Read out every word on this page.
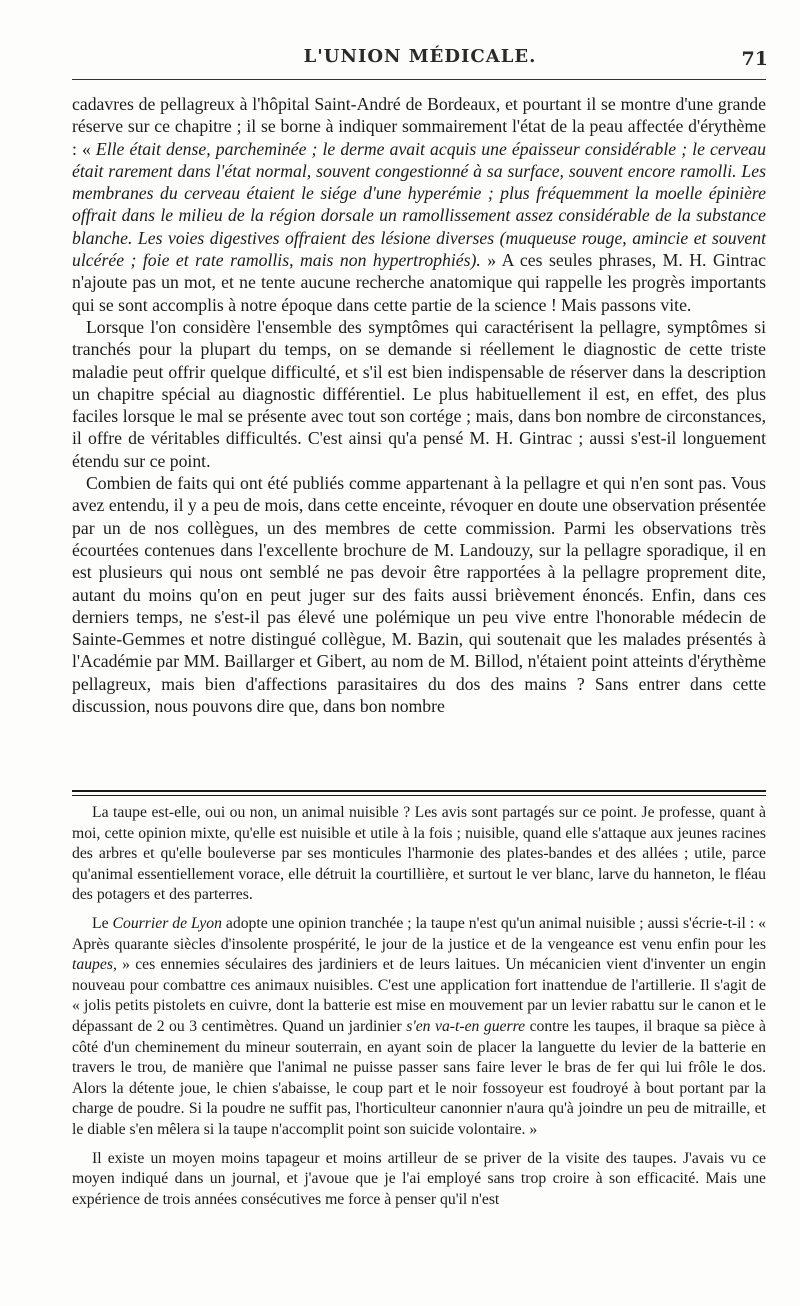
L'UNION MÉDICALE.	71

cadavres de pellagreux à l'hôpital Saint-André de Bordeaux, et pourtant il se montre d'une grande réserve sur ce chapitre ; il se borne à indiquer sommairement l'état de la peau affectée d'érythème : « Elle était dense, parcheminée ; le derme avait acquis une épaisseur considérable ; le cerveau était rarement dans l'état normal, souvent congestionné à sa surface, souvent encore ramolli. Les membranes du cerveau étaient le siége d'une hyperémie ; plus fréquemment la moelle épinière offrait dans le milieu de la région dorsale un ramollissement assez considérable de la substance blanche. Les voies digestives offraient des lésione diverses (muqueuse rouge, amincie et souvent ulcérée ; foie et rate ramollis, mais non hypertrophiés). » A ces seules phrases, M. H. Gintrac n'ajoute pas un mot, et ne tente aucune recherche anatomique qui rappelle les progrès importants qui se sont accomplis à notre époque dans cette partie de la science ! Mais passons vite.

Lorsque l'on considère l'ensemble des symptômes qui caractérisent la pellagre, symptômes si tranchés pour la plupart du temps, on se demande si réellement le diagnostic de cette triste maladie peut offrir quelque difficulté, et s'il est bien indispensable de réserver dans la description un chapitre spécial au diagnostic différentiel. Le plus habituellement il est, en effet, des plus faciles lorsque le mal se présente avec tout son cortége ; mais, dans bon nombre de circonstances, il offre de véritables difficultés. C'est ainsi qu'a pensé M. H. Gintrac ; aussi s'est-il longuement étendu sur ce point.

Combien de faits qui ont été publiés comme appartenant à la pellagre et qui n'en sont pas. Vous avez entendu, il y a peu de mois, dans cette enceinte, révoquer en doute une observation présentée par un de nos collègues, un des membres de cette commission. Parmi les observations très écourtées contenues dans l'excellente brochure de M. Landouzy, sur la pellagre sporadique, il en est plusieurs qui nous ont semblé ne pas devoir être rapportées à la pellagre proprement dite, autant du moins qu'on en peut juger sur des faits aussi brièvement énoncés. Enfin, dans ces derniers temps, ne s'est-il pas élevé une polémique un peu vive entre l'honorable médecin de Sainte-Gemmes et notre distingué collègue, M. Bazin, qui soutenait que les malades présentés à l'Académie par MM. Baillarger et Gibert, au nom de M. Billod, n'étaient point atteints d'érythème pellagreux, mais bien d'affections parasitaires du dos des mains ? Sans entrer dans cette discussion, nous pouvons dire que, dans bon nombre

La taupe est-elle, oui ou non, un animal nuisible ? Les avis sont partagés sur ce point. Je professe, quant à moi, cette opinion mixte, qu'elle est nuisible et utile à la fois ; nuisible, quand elle s'attaque aux jeunes racines des arbres et qu'elle bouleverse par ses monticules l'harmonie des plates-bandes et des allées ; utile, parce qu'animal essentiellement vorace, elle détruit la courtillière, et surtout le ver blanc, larve du hanneton, le fléau des potagers et des parterres.

Le Courrier de Lyon adopte une opinion tranchée ; la taupe n'est qu'un animal nuisible ; aussi s'écrie-t-il : « Après quarante siècles d'insolente prospérité, le jour de la justice et de la vengeance est venu enfin pour les taupes, » ces ennemies séculaires des jardiniers et de leurs laitues. Un mécanicien vient d'inventer un engin nouveau pour combattre ces animaux nuisibles. C'est une application fort inattendue de l'artillerie. Il s'agit de « jolis petits pistolets en cuivre, dont la batterie est mise en mouvement par un levier rabattu sur le canon et le dépassant de 2 ou 3 centimètres. Quand un jardinier s'en va-t-en guerre contre les taupes, il braque sa pièce à côté d'un cheminement du mineur souterrain, en ayant soin de placer la languette du levier de la batterie en travers le trou, de manière que l'animal ne puisse passer sans faire lever le bras de fer qui lui frôle le dos. Alors la détente joue, le chien s'abaisse, le coup part et le noir fossoyeur est foudroyé à bout portant par la charge de poudre. Si la poudre ne suffit pas, l'horticulteur canonnier n'aura qu'à joindre un peu de mitraille, et le diable s'en mêlera si la taupe n'accomplit point son suicide volontaire. »

Il existe un moyen moins tapageur et moins artilleur de se priver de la visite des taupes. J'avais vu ce moyen indiqué dans un journal, et j'avoue que je l'ai employé sans trop croire à son efficacité. Mais une expérience de trois années consécutives me force à penser qu'il n'est
